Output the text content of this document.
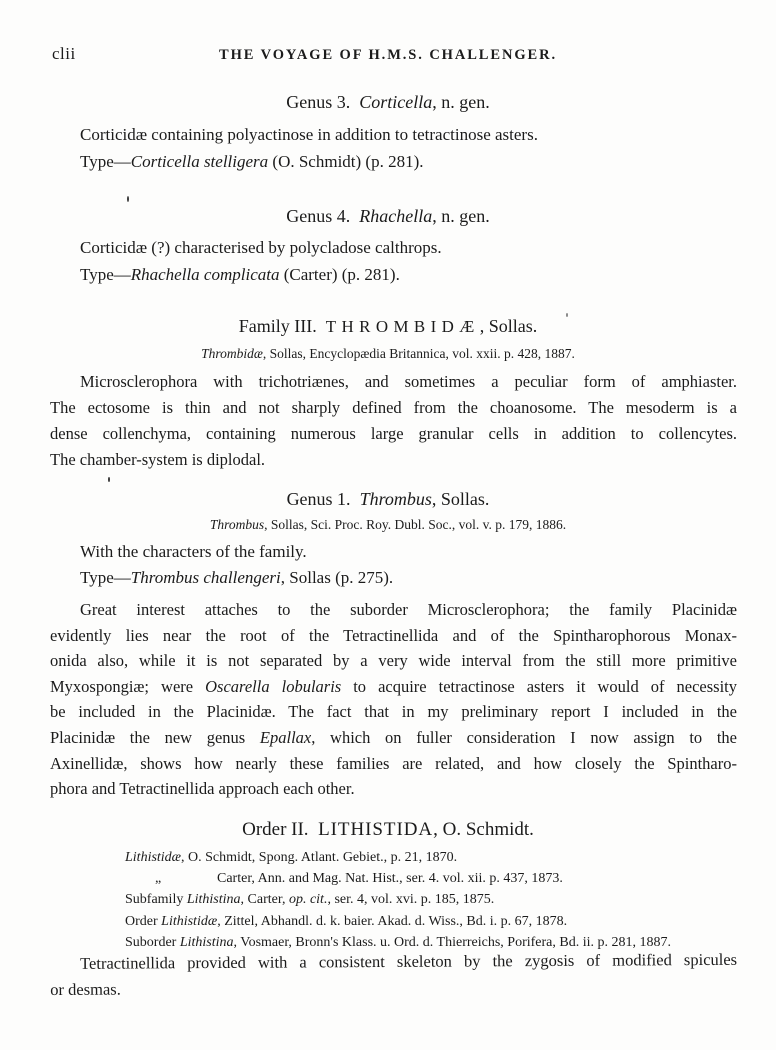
clii	THE VOYAGE OF H.M.S. CHALLENGER.
Genus 3.  Corticella, n. gen.
Corticidæ containing polyactinose in addition to tetractinose asters.
Type—Corticella stelligera (O. Schmidt) (p. 281).
Genus 4.  Rhachella, n. gen.
Corticidæ (?) characterised by polycladose calthrops.
Type—Rhachella complicata (Carter) (p. 281).
Family III.  THROMBIDÆ, Sollas.
Thrombidæ, Sollas, Encyclopædia Britannica, vol. xxii. p. 428, 1887.
Microsclerophora with trichotriænes, and sometimes a peculiar form of amphiaster.
The ectosome is thin and not sharply defined from the choanosome. The mesoderm is a
dense collenchyma, containing numerous large granular cells in addition to collencytes.
The chamber-system is diplodal.
Genus 1.  Thrombus, Sollas.
Thrombus, Sollas, Sci. Proc. Roy. Dubl. Soc., vol. v. p. 179, 1886.
With the characters of the family.
Type—Thrombus challengeri, Sollas (p. 275).
Great interest attaches to the suborder Microsclerophora; the family Placinidæ
evidently lies near the root of the Tetractinellida and of the Spintharophorous Monax-
onida also, while it is not separated by a very wide interval from the still more primitive
Myxospongiæ; were Oscarella lobularis to acquire tetractinose asters it would of necessity
be included in the Placinidæ. The fact that in my preliminary report I included in the
Placinidæ the new genus Epallax, which on fuller consideration I now assign to the
Axinellidæ, shows how nearly these families are related, and how closely the Spintharo-
phora and Tetractinellida approach each other.
Order II.  LITHISTIDA, O. Schmidt.
Lithistidæ, O. Schmidt, Spong. Atlant. Gebiet., p. 21, 1870.
„	Carter, Ann. and Mag. Nat. Hist., ser. 4. vol. xii. p. 437, 1873.
Subfamily Lithistina, Carter, op. cit., ser. 4, vol. xvi. p. 185, 1875.
Order Lithistidæ, Zittel, Abhandl. d. k. baier. Akad. d. Wiss., Bd. i. p. 67, 1878.
Suborder Lithistina, Vosmaer, Bronn's Klass. u. Ord. d. Thierreichs, Porifera, Bd. ii. p. 281, 1887.
Tetractinellida provided with a consistent skeleton by the zygosis of modified spicules
or desmas.
